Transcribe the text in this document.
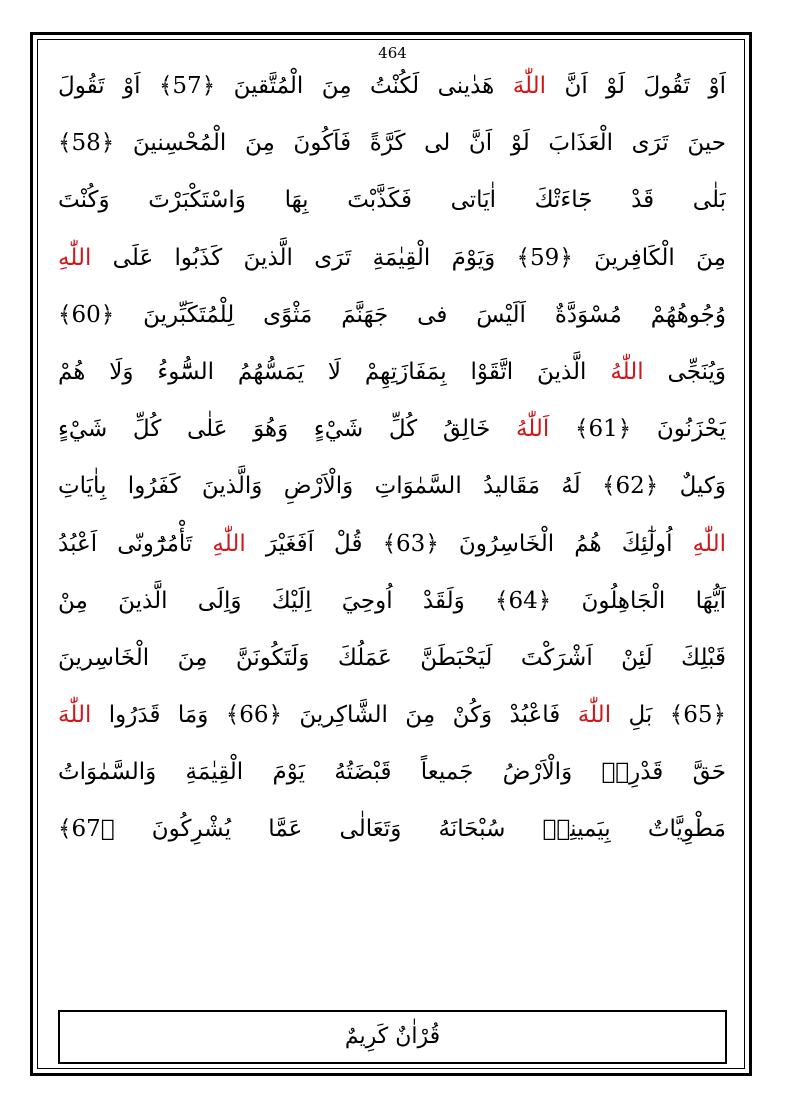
464
اَوْ تَقُولَ لَوْ اَنَّ اللّٰهَ هَدٰينى لَكُنْتُ مِنَ الْمُتَّقينَ ﴿57﴾ اَوْ تَقُولَ
حينَ تَرَى الْعَذَابَ لَوْ اَنَّ لى كَرَّةً فَاَكُونَ مِنَ الْمُحْسِنينَ ﴿58﴾
بَلٰى قَدْ جَٓاءَتْكَ اٰيَاتى فَكَذَّبْتَ بِهَا وَاسْتَكْبَرْتَ وَكُنْتَ
مِنَ الْكَافِرينَ ﴿59﴾ وَيَوْمَ الْقِيٰمَةِ تَرَى الَّذينَ كَذَبُوا عَلَى اللّٰهِ
وُجُوهُهُمْ مُسْوَدَّةٌ اَلَيْسَ فى جَهَنَّمَ مَثْوًى لِلْمُتَكَبِّرينَ ﴿60﴾
وَيُنَجِّى اللّٰهُ الَّذينَ اتَّقَوْا بِمَفَازَتِهِمْ لَا يَمَسُّهُمُ السُّٓوءُ وَلَا هُمْ
يَحْزَنُونَ ﴿61﴾ اَللّٰهُ خَالِقُ كُلِّ شَيْءٍ وَهُوَ عَلٰى كُلِّ شَيْءٍ
وَكيلٌ ﴿62﴾ لَهُ مَقَاليدُ السَّمٰوَاتِ وَالْاَرْضِ وَالَّذينَ كَفَرُوا بِاٰيَاتِ
اللّٰهِ اُولٰٓئِكَ هُمُ الْخَاسِرُونَ ﴿63﴾ قُلْ اَفَغَيْرَ اللّٰهِ تَأْمُرُٓونّى اَعْبُدُ
اَيُّهَا الْجَاهِلُونَ ﴿64﴾ وَلَقَدْ اُوحِيَ اِلَيْكَ وَاِلَى الَّذينَ مِنْ
قَبْلِكَ لَئِنْ اَشْرَكْتَ لَيَحْبَطَنَّ عَمَلُكَ وَلَتَكُونَنَّ مِنَ الْخَاسِرينَ
﴿65﴾ بَلِ اللّٰهَ فَاعْبُدْ وَكُنْ مِنَ الشَّاكِرينَ ﴿66﴾ وَمَا قَدَرُوا اللّٰهَ
حَقَّ قَدْرِه۪ وَالْاَرْضُ جَميعاً قَبْضَتُهُ يَوْمَ الْقِيٰمَةِ وَالسَّمٰوَاتُ
مَطْوِيَّاتٌ بِيَمينِه۪ سُبْحَانَهُ وَتَعَالٰى عَمَّا يُشْرِكُونَ ﴿67﴾
قُرْاٰنٌ كَرِيمٌ
